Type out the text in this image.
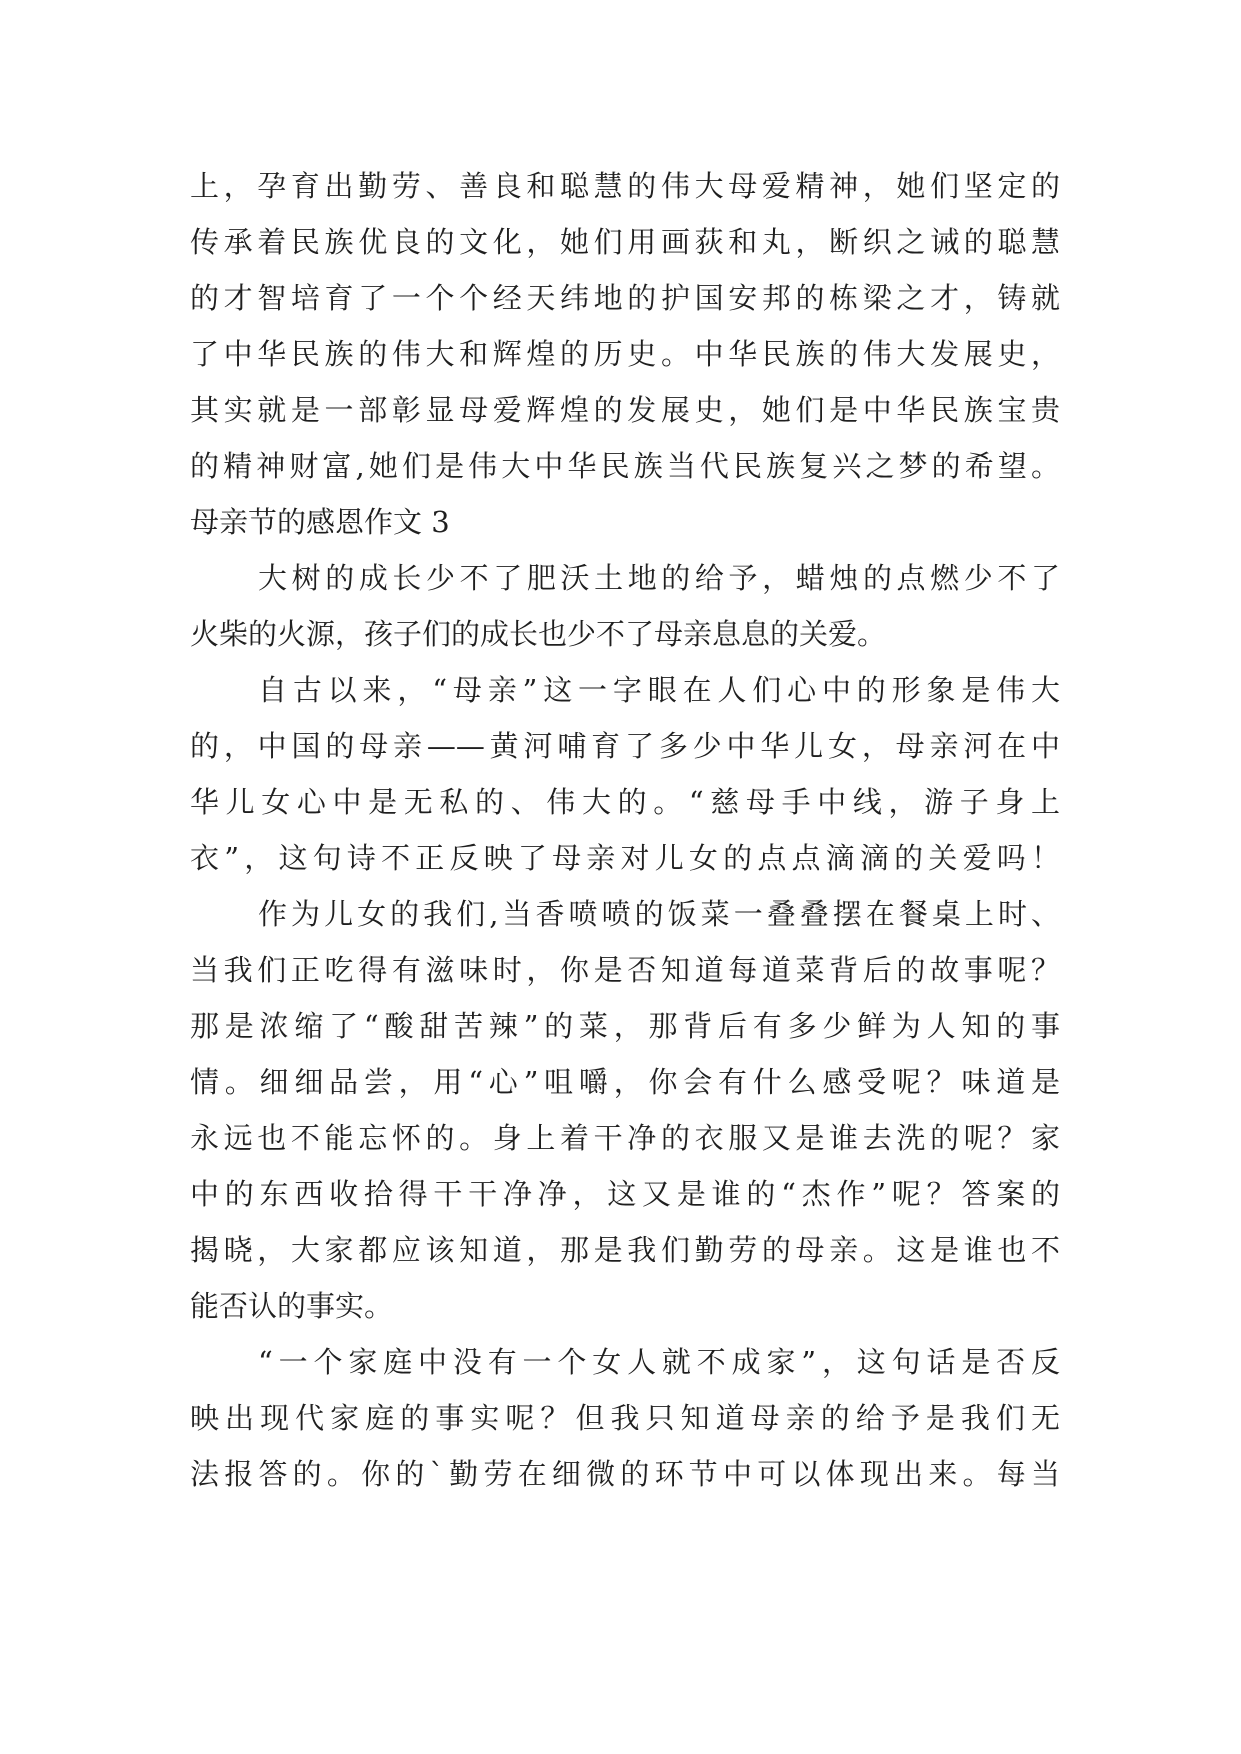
上，孕育出勤劳、善良和聪慧的伟大母爱精神，她们坚定的
传承着民族优良的文化，她们用画荻和丸，断织之诫的聪慧
的才智培育了一个个经天纬地的护国安邦的栋梁之才，铸就
了中华民族的伟大和辉煌的历史。中华民族的伟大发展史，
其实就是一部彰显母爱辉煌的发展史，她们是中华民族宝贵
的精神财富,她们是伟大中华民族当代民族复兴之梦的希望。
母亲节的感恩作文 3
大树的成长少不了肥沃土地的给予，蜡烛的点燃少不了
火柴的火源，孩子们的成长也少不了母亲息息的关爱。
自古以来，“母亲”这一字眼在人们心中的形象是伟大
的，中国的母亲——黄河哺育了多少中华儿女，母亲河在中
华儿女心中是无私的、伟大的。“慈母手中线，游子身上
衣”，这句诗不正反映了母亲对儿女的点点滴滴的关爱吗！
作为儿女的我们,当香喷喷的饭菜一叠叠摆在餐桌上时、
当我们正吃得有滋味时，你是否知道每道菜背后的故事呢？
那是浓缩了“酸甜苦辣”的菜，那背后有多少鲜为人知的事
情。细细品尝，用“心”咀嚼，你会有什么感受呢？味道是
永远也不能忘怀的。身上着干净的衣服又是谁去洗的呢？家
中的东西收拾得干干净净，这又是谁的“杰作”呢？答案的
揭晓，大家都应该知道，那是我们勤劳的母亲。这是谁也不
能否认的事实。
“一个家庭中没有一个女人就不成家”，这句话是否反
映出现代家庭的事实呢？但我只知道母亲的给予是我们无
法报答的。你的`勤劳在细微的环节中可以体现出来。每当
